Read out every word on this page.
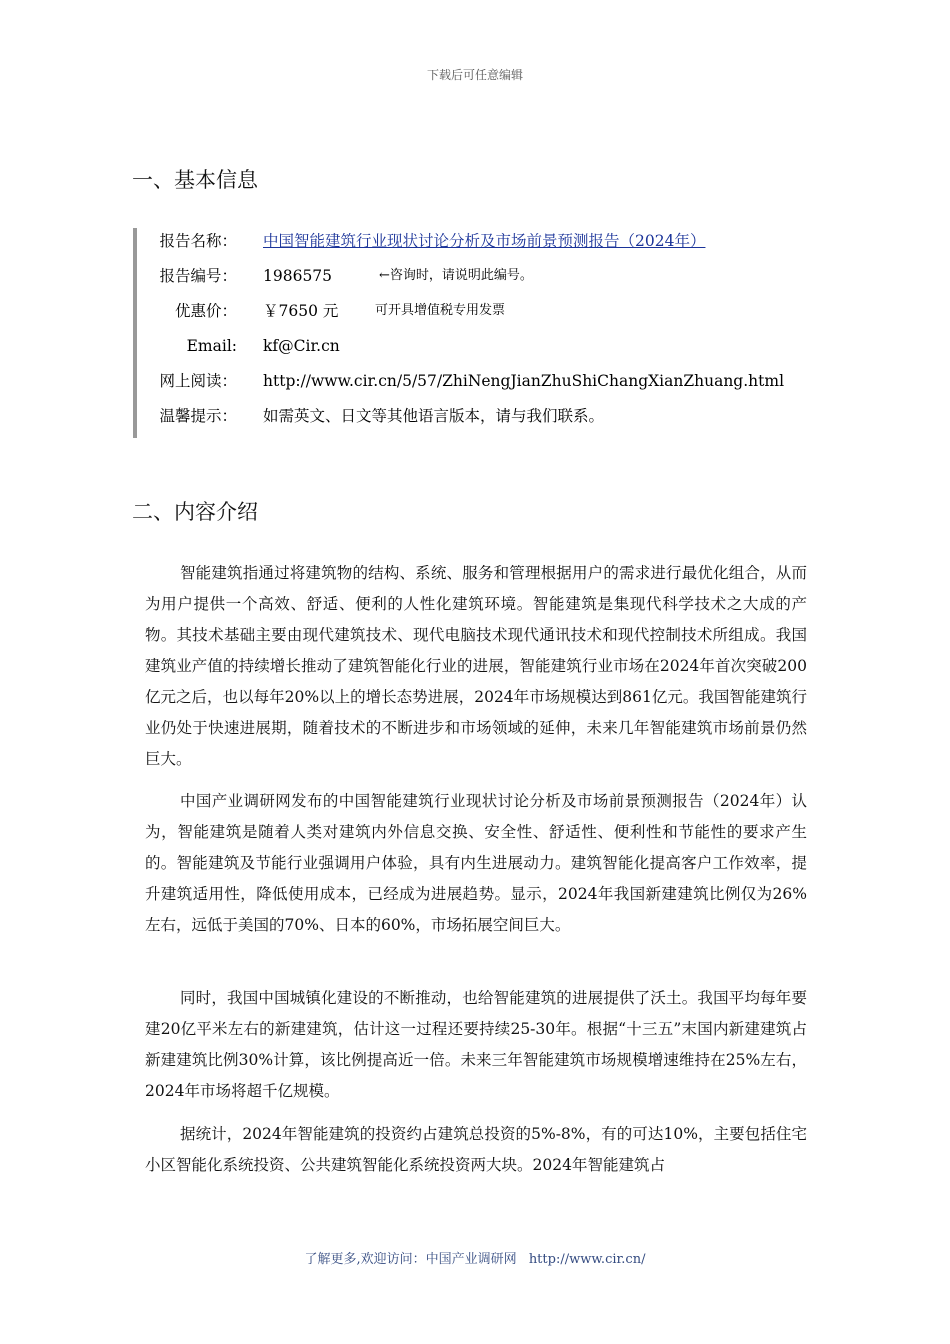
下载后可任意编辑
一、基本信息
报告名称： 中国智能建筑行业现状讨论分析及市场前景预测报告（2024年）
报告编号： 1986575	←咨询时，请说明此编号。
优惠价： ￥7650 元	可开具增值税专用发票
Email: kf@Cir.cn
网上阅读： http://www.cir.cn/5/57/ZhiNengJianZhuShiChangXianZhuang.html
温馨提示： 如需英文、日文等其他语言版本，请与我们联系。
二、内容介绍

智能建筑指通过将建筑物的结构、系统、服务和管理根据用户的需求进行最优化组合，从而为用户提供一个高效、舒适、便利的人性化建筑环境。智能建筑是集现代科学技术之大成的产物。其技术基础主要由现代建筑技术、现代电脑技术现代通讯技术和现代控制技术所组成。我国建筑业产值的持续增长推动了建筑智能化行业的进展，智能建筑行业市场在2024年首次突破200亿元之后，也以每年20%以上的增长态势进展，2024年市场规模达到861亿元。我国智能建筑行业仍处于快速进展期，随着技术的不断进步和市场领域的延伸，未来几年智能建筑市场前景仍然巨大。

中国产业调研网发布的中国智能建筑行业现状讨论分析及市场前景预测报告（2024年）认为，智能建筑是随着人类对建筑内外信息交换、安全性、舒适性、便利性和节能性的要求产生的。智能建筑及节能行业强调用户体验，具有内生进展动力。建筑智能化提高客户工作效率，提升建筑适用性，降低使用成本，已经成为进展趋势。显示，2024年我国新建建筑比例仅为26%左右，远低于美国的70%、日本的60%，市场拓展空间巨大。

同时，我国中国城镇化建设的不断推动，也给智能建筑的进展提供了沃土。我国平均每年要建20亿平米左右的新建建筑，估计这一过程还要持续25-30年。根据“十三五”末国内新建建筑占新建建筑比例30%计算，该比例提高近一倍。未来三年智能建筑市场规模增速维持在25%左右，2024年市场将超千亿规模。

据统计，2024年智能建筑的投资约占建筑总投资的5%-8%，有的可达10%，主要包括住宅小区智能化系统投资、公共建筑智能化系统投资两大块。2024年智能建筑占

了解更多,欢迎访问：中国产业调研网 http://www.cir.cn/
